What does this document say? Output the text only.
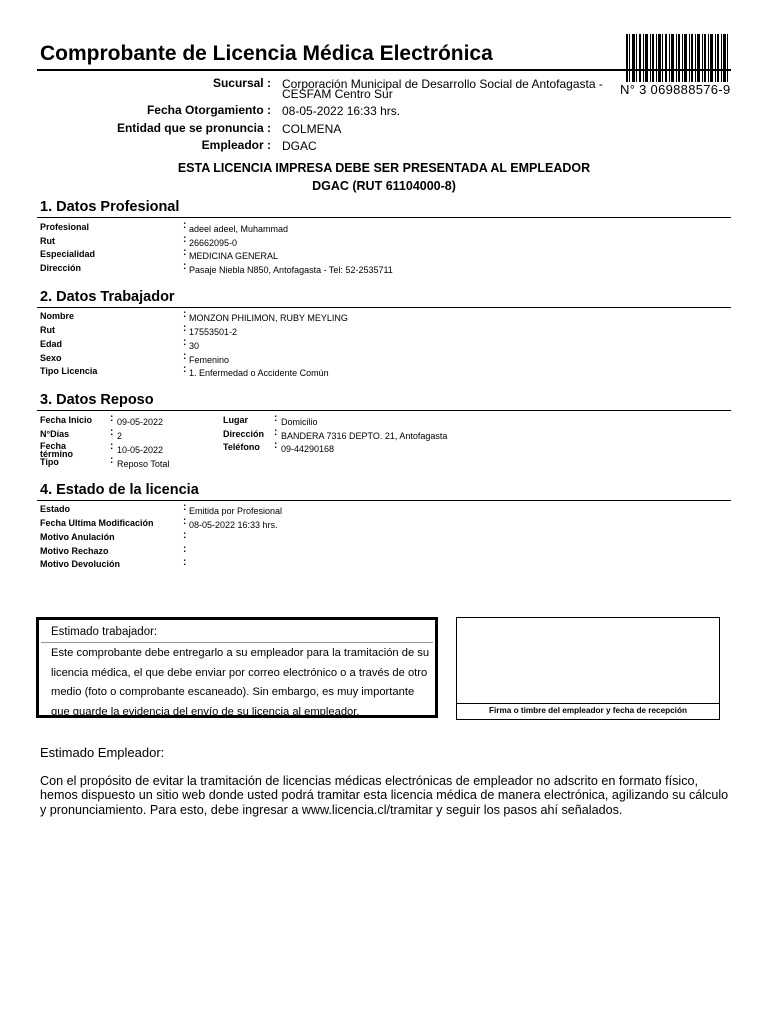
Comprobante de Licencia Médica Electrónica
N° 3 069888576-9
Sucursal : Corporación Municipal de Desarrollo Social de Antofagasta -
CESFAM Centro Sur
Fecha Otorgamiento : 08-05-2022 16:33 hrs.
Entidad que se pronuncia : COLMENA
Empleador : DGAC
ESTA LICENCIA IMPRESA DEBE SER PRESENTADA AL EMPLEADOR
DGAC (RUT 61104000-8)
1. Datos Profesional
Profesional	: adeel adeel, Muhammad
Rut	: 26662095-0
Especialidad	: MEDICINA GENERAL
Dirección	: Pasaje Niebla N850, Antofagasta - Tel: 52-2535711
2. Datos Trabajador
Nombre	: MONZON PHILIMON, RUBY MEYLING
Rut	: 17553501-2
Edad	: 30
Sexo	: Femenino
Tipo Licencia	: 1. Enfermedad o Accidente Común
3. Datos Reposo
Fecha Inicio : 09-05-2022
N°Días	: 2
Fecha
término
: 10-05-2022
Tipo	: Reposo Total
Lugar	: Domicilio
Dirección : BANDERA 7316 DEPTO. 21, Antofagasta
Teléfono : 09-44290168
4. Estado de la licencia
Estado	: Emitida por Profesional
Fecha Ultima Modificación	: 08-05-2022 16:33 hrs.
Motivo Anulación	:
Motivo Rechazo	:
Motivo Devolución	:
Estimado trabajador:
Este comprobante debe entregarlo a su empleador para la tramitación de su licencia médica, el que debe enviar por correo electrónico o a través de otro medio (foto o comprobante escaneado). Sin embargo, es muy importante que guarde la evidencia del envío de su licencia al empleador.	Firma o timbre del empleador y fecha de recepción
Estimado Empleador:
Con el propósito de evitar la tramitación de licencias médicas electrónicas de empleador no adscrito en formato físico, hemos dispuesto un sitio web donde usted podrá tramitar esta licencia médica de manera electrónica, agilizando su cálculo y pronunciamiento. Para esto, debe ingresar a www.licencia.cl/tramitar y seguir los pasos ahí señalados.
